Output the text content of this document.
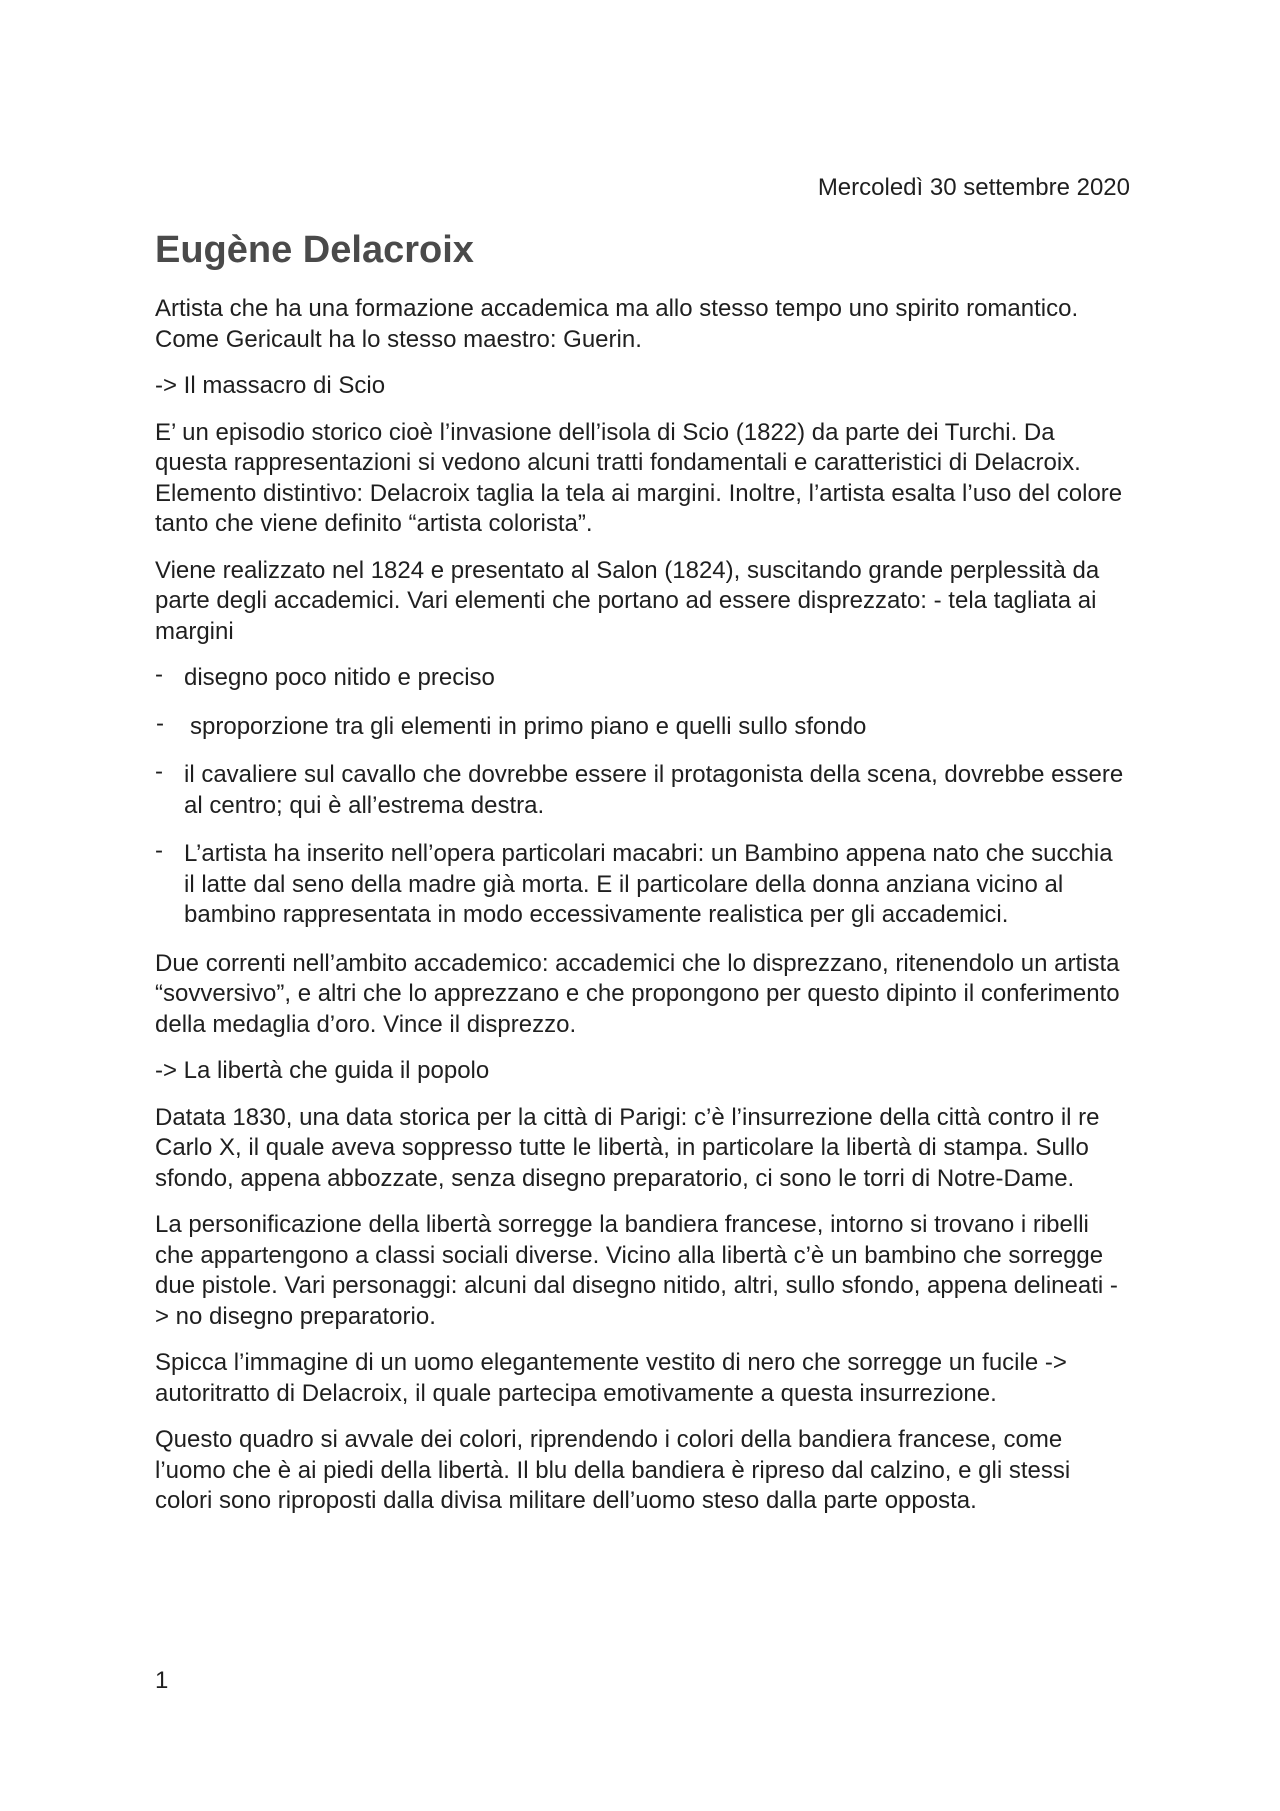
Mercoledì 30 settembre 2020
Eugène Delacroix

Artista che ha una formazione accademica ma allo stesso tempo uno spirito romantico. Come Gericault ha lo stesso maestro: Guerin.

-> Il massacro di Scio

E’ un episodio storico cioè l’invasione dell’isola di Scio (1822) da parte dei Turchi. Da questa rappresentazioni si vedono alcuni tratti fondamentali e caratteristici di Delacroix. Elemento distintivo: Delacroix taglia la tela ai margini. Inoltre, l’artista esalta l’uso del colore tanto che viene definito “artista colorista”.

Viene realizzato nel 1824 e presentato al Salon (1824), suscitando grande perplessità da parte degli accademici. Vari elementi che portano ad essere disprezzato: - tela tagliata ai margini

- disegno poco nitido e preciso
- sproporzione tra gli elementi in primo piano e quelli sullo sfondo
- il cavaliere sul cavallo che dovrebbe essere il protagonista della scena, dovrebbe essere al centro; qui è all’estrema destra.
- L’artista ha inserito nell’opera particolari macabri: un Bambino appena nato che succhia il latte dal seno della madre già morta. E il particolare della donna anziana vicino al bambino rappresentata in modo eccessivamente realistica per gli accademici.

Due correnti nell’ambito accademico: accademici che lo disprezzano, ritenendolo un artista “sovversivo”, e altri che lo apprezzano e che propongono per questo dipinto il conferimento della medaglia d’oro. Vince il disprezzo.

-> La libertà che guida il popolo

Datata 1830, una data storica per la città di Parigi: c’è l’insurrezione della città contro il re Carlo X, il quale aveva soppresso tutte le libertà, in particolare la libertà di stampa. Sullo sfondo, appena abbozzate, senza disegno preparatorio, ci sono le torri di Notre-Dame.

La personificazione della libertà sorregge la bandiera francese, intorno si trovano i ribelli che appartengono a classi sociali diverse. Vicino alla libertà c’è un bambino che sorregge due pistole. Vari personaggi: alcuni dal disegno nitido, altri, sullo sfondo, appena delineati -> no disegno preparatorio.

Spicca l’immagine di un uomo elegantemente vestito di nero che sorregge un fucile -> autoritratto di Delacroix, il quale partecipa emotivamente a questa insurrezione.

Questo quadro si avvale dei colori, riprendendo i colori della bandiera francese, come l’uomo che è ai piedi della libertà. Il blu della bandiera è ripreso dal calzino, e gli stessi colori sono riproposti dalla divisa militare dell’uomo steso dalla parte opposta.

1
